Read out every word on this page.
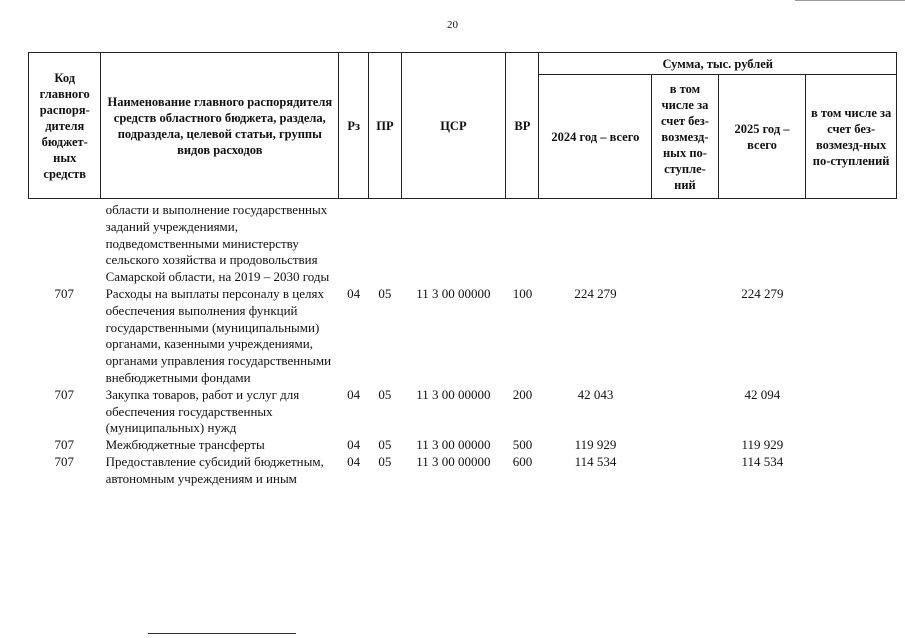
20
Код главного распоря-дителя бюджет-ных средств	Наименование главного распорядителя средств областного бюджета, раздела, подраздела, целевой статьи, группы видов расходов	Рз	ПР	ЦСР	ВР	Сумма, тыс. рублей			
						2024 год – всего	в том числе за счет без-возмезд-ных по-ступле-ний	2025 год – всего	в том числе за счет без-возмезд-ных по-ступлений
	области и выполнение государственных заданий учреждениями, подведомственными министерству сельского хозяйства и продовольствия Самарской области, на 2019 – 2030 годы								
707	Расходы на выплаты персоналу в целях обеспечения выполнения функций государственными (муниципальными) органами, казенными учреждениями, органами управления государственными внебюджетными фондами	04	05	11 3 00 00000	100	224 279		224 279	
707	Закупка товаров, работ и услуг для обеспечения государственных (муниципальных) нужд	04	05	11 3 00 00000	200	42 043		42 094	
707	Межбюджетные трансферты	04	05	11 3 00 00000	500	119 929		119 929	
707	Предоставление субсидий бюджетным, автономным учреждениям и иным	04	05	11 3 00 00000	600	114 534		114 534	
